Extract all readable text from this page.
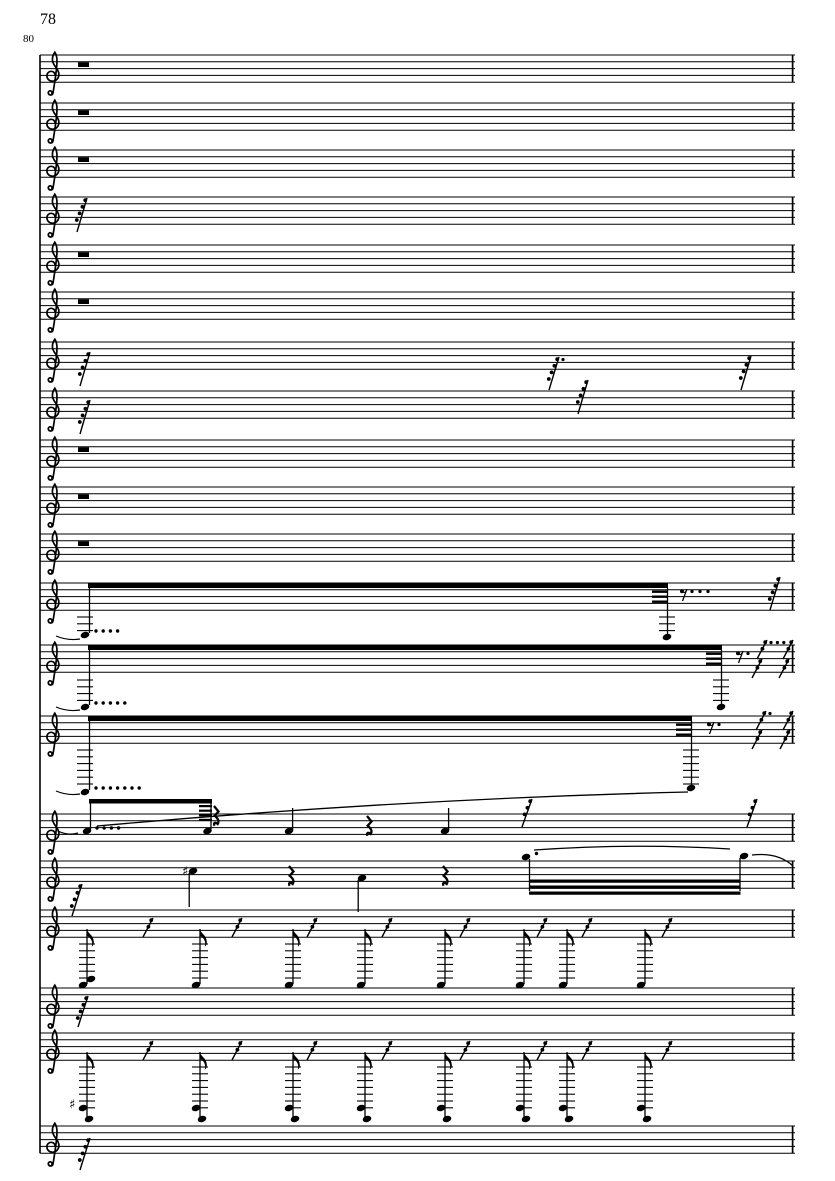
78
80
♯
♯
